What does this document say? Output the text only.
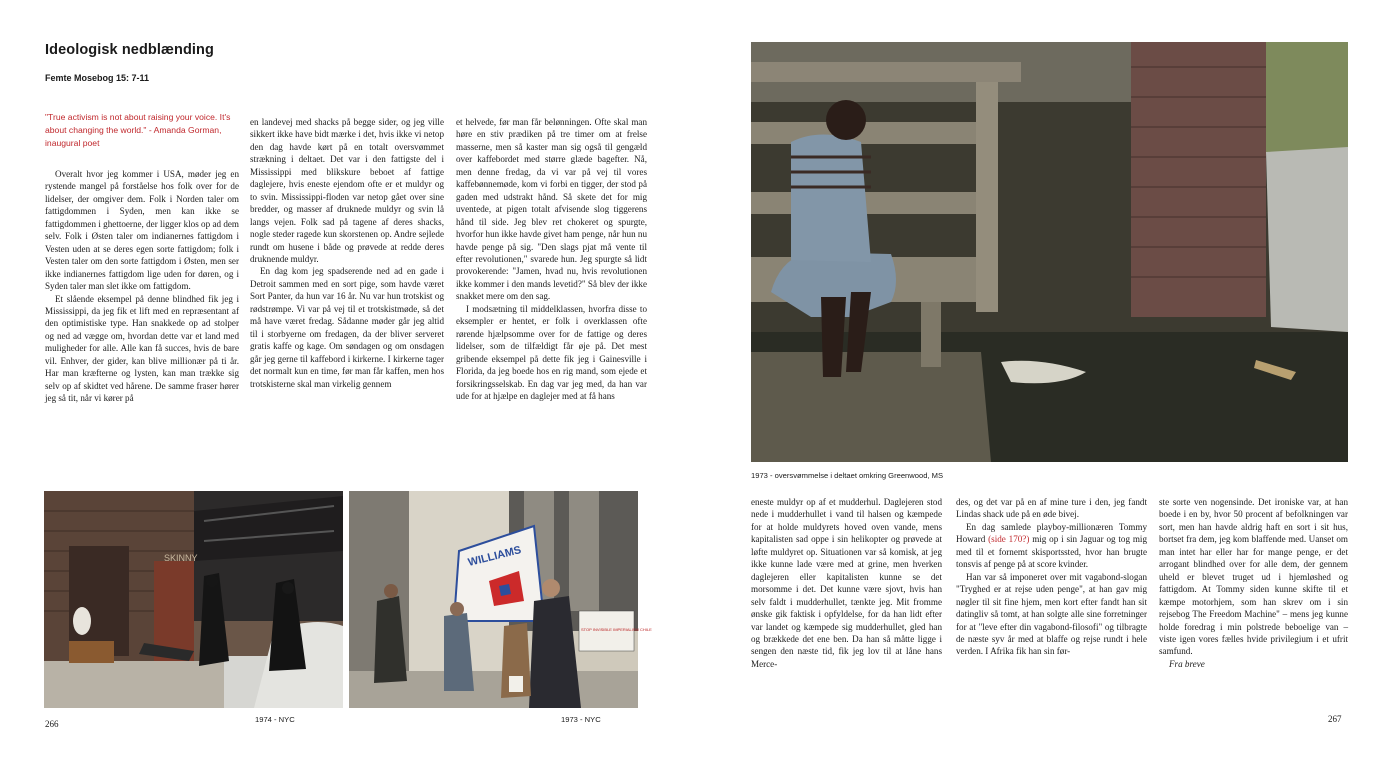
Ideologisk nedblænding
Femte Mosebog 15: 7-11
"True activism is not about raising your voice. It's about changing the world." - Amanda Gorman, inaugural poet

Overalt hvor jeg kommer i USA, møder jeg en rystende mangel på forståelse hos folk over for de lidelser, der omgiver dem. Folk i Norden taler om fattigdommen i Syden, men kan ikke se fattigdommen i ghettoerne, der ligger klos op ad dem selv. Folk i Østen taler om indianernes fattigdom i Vesten uden at se deres egen sorte fattigdom; folk i Vesten taler om den sorte fattigdom i Østen, men ser ikke indianernes fattigdom lige uden for døren, og i Syden taler man slet ikke om fattigdom.

Et slående eksempel på denne blindhed fik jeg i Mississippi, da jeg fik et lift med en repræsentant af den optimistiske type. Han snakkede op ad stolper og ned ad vægge om, hvordan dette var et land med muligheder for alle. Alle kan få succes, hvis de bare vil. Enhver, der gider, kan blive millionær på ti år. Har man kræfterne og lysten, kan man trække sig selv op af skidtet ved hårene. De samme fraser hører jeg så tit, når vi kører på

en landevej med shacks på begge sider, og jeg ville sikkert ikke have bidt mærke i det, hvis ikke vi netop den dag havde kørt på en totalt oversvømmet strækning i deltaet. Det var i den fattigste del i Mississippi med blikskure beboet af fattige daglejere, hvis eneste ejendom ofte er et muldyr og to svin. Mississippi-floden var netop gået over sine bredder, og masser af druknede muldyr og svin lå langs vejen. Folk sad på tagene af deres shacks, nogle steder ragede kun skorstenen op. Andre sejlede rundt om husene i både og prøvede at redde deres druknende muldyr.

En dag kom jeg spadserende ned ad en gade i Detroit sammen med en sort pige, som havde været Sort Panter, da hun var 16 år. Nu var hun trotskist og rødstrømpe. Vi var på vej til et trotskistmøde, så det må have været fredag. Sådanne møder går jeg altid til i storbyerne om fredagen, da der bliver serveret gratis kaffe og kage. Om søndagen og om onsdagen går jeg gerne til kaffebord i kirkerne. I kirkerne tager det normalt kun en time, før man får kaffen, men hos trotskisterne skal man virkelig gennem

et helvede, før man får belønningen. Ofte skal man høre en stiv prædiken på tre timer om at frelse masserne, men så kaster man sig også til gengæld over kaffebordet med større glæde bagefter. Nå, men denne fredag, da vi var på vej til vores kaffebønnemøde, kom vi forbi en tigger, der stod på gaden med udstrakt hånd. Så skete det for mig uventede, at pigen totalt afvisende slog tiggerens hånd til side. Jeg blev ret chokeret og spurgte, hvorfor hun ikke havde givet ham penge, når hun nu havde penge på sig. "Den slags pjat må vente til efter revolutionen," svarede hun. Jeg spurgte så lidt provokerende: "Jamen, hvad nu, hvis revolutionen ikke kommer i den mands levetid?" Så blev der ikke snakket mere om den sag.

I modsætning til middelklassen, hvorfra disse to eksempler er hentet, er folk i overklassen ofte rørende hjælpsomme over for de fattige og deres lidelser, som de tilfældigt får øje på. Det mest gribende eksempel på dette fik jeg i Gainesville i Florida, da jeg boede hos en rig mand, som ejede et forsikringsselskab. En dag var jeg med, da han var ude for at hjælpe en daglejer med at få hans

SKINNY	WILLIAMS
STOP INVISIBLE IMPERIALISM CHILE
1974 - NYC	1973 - NYC
266
1973 - oversvømmelse i deltaet omkring Greenwood, MS

eneste muldyr op af et mudderhul. Daglejeren stod nede i mudderhullet i vand til halsen og kæmpede for at holde muldyrets hoved oven vande, mens kapitalisten sad oppe i sin helikopter og prøvede at løfte muldyret op. Situationen var så komisk, at jeg ikke kunne lade være med at grine, men hverken daglejeren eller kapitalisten kunne se det morsomme i det. Det kunne være sjovt, hvis han selv faldt i mudderhullet, tænkte jeg. Mit fromme ønske gik faktisk i opfyldelse, for da han lidt efter var landet og kæmpede sig mudderhullet, gled han og brækkede det ene ben. Da han så måtte ligge i sengen den næste tid, fik jeg lov til at låne hans Merce-

des, og det var på en af mine ture i den, jeg fandt Lindas shack ude på en øde bivej.

En dag samlede playboy-millionæren Tommy Howard (side 170?) mig op i sin Jaguar og tog mig med til et fornemt skisportssted, hvor han brugte tonsvis af penge på at score kvinder.

Han var så imponeret over mit vagabond-slogan "Tryghed er at rejse uden penge", at han gav mig nøgler til sit fine hjem, men kort efter fandt han sit datingliv så tomt, at han solgte alle sine forretninger for at "leve efter din vagabond-filosofi" og tilbragte de næste syv år med at blaffe og rejse rundt i hele verden. I Afrika fik han sin før-

ste sorte ven nogensinde. Det ironiske var, at han boede i en by, hvor 50 procent af befolkningen var sort, men han havde aldrig haft en sort i sit hus, bortset fra dem, jeg kom blaffende med. Uanset om man intet har eller har for mange penge, er det arrogant blindhed over for alle dem, der gennem uheld er blevet truget ud i hjemløshed og fattigdom. At Tommy siden kunne skifte til et kæmpe motorhjem, som han skrev om i sin rejsebog The Freedom Machine" – mens jeg kunne holde foredrag i min polstrede beboelige van – viste igen vores fælles hvide privilegium i et ufrit samfund.

Fra breve

267
